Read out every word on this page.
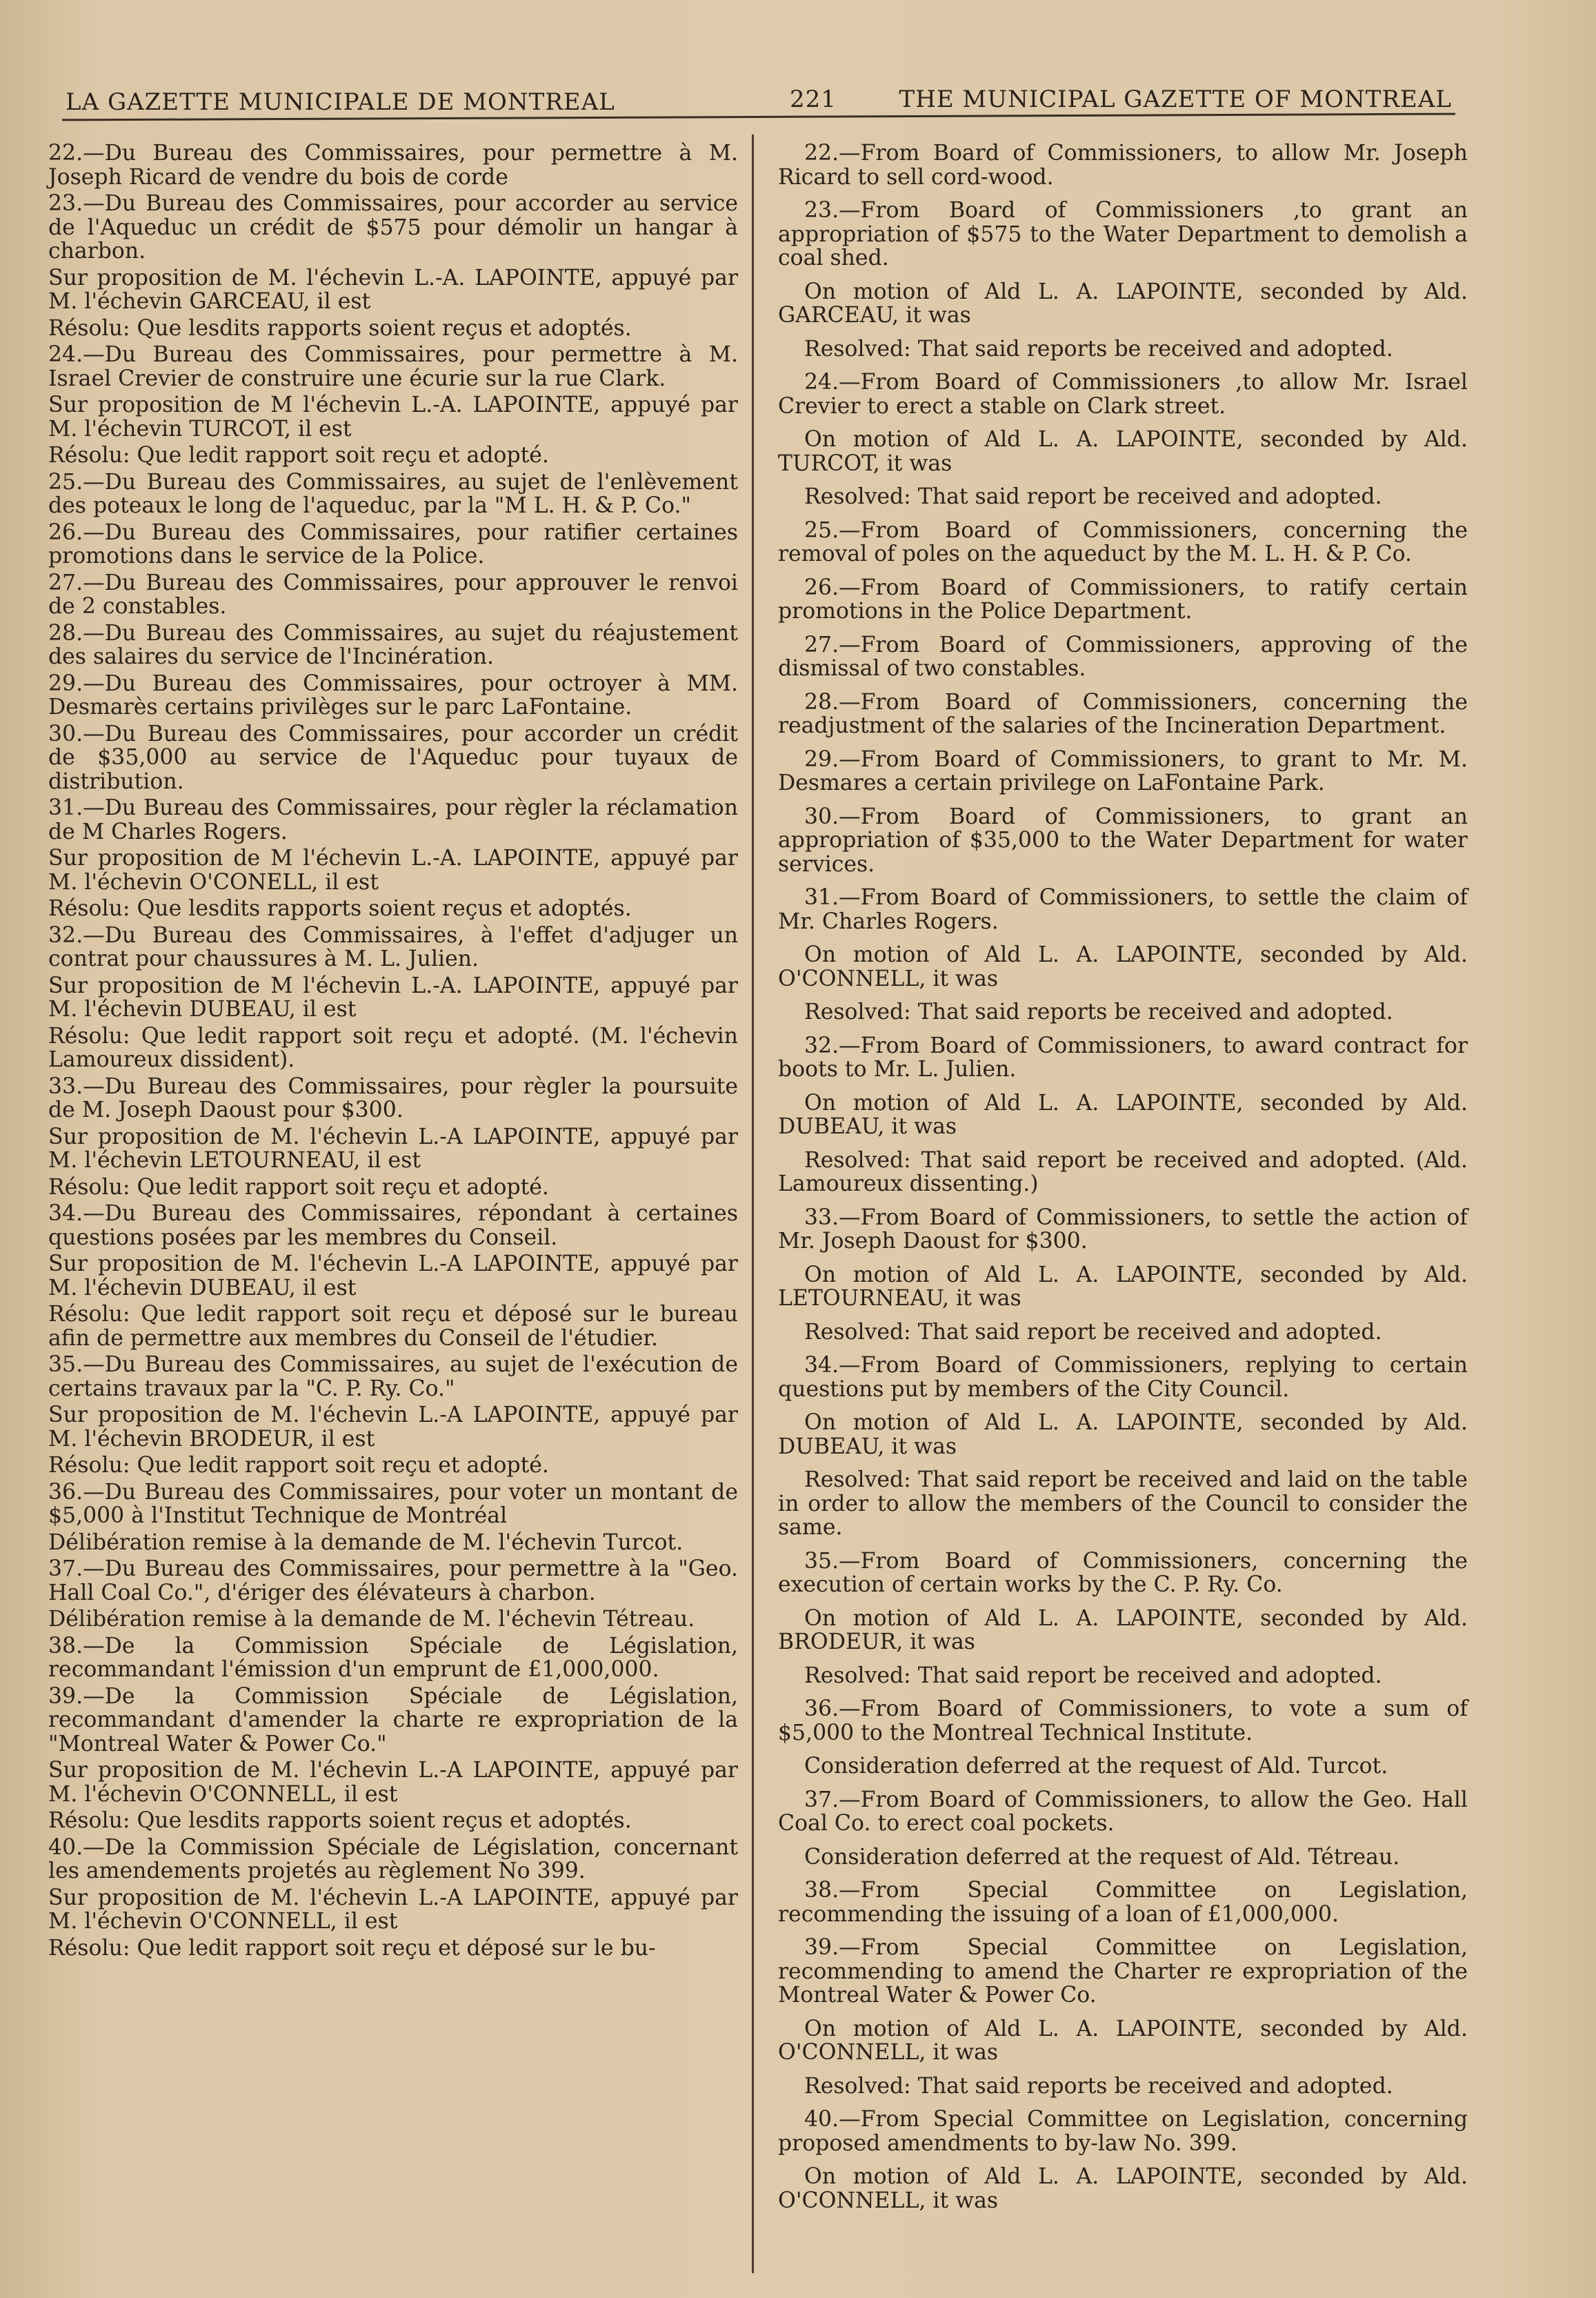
LA GAZETTE MUNICIPALE DE MONTREAL	221	THE MUNICIPAL GAZETTE OF MONTREAL

22.—Du Bureau des Commissaires, pour permettre à M. Joseph Ricard de vendre du bois de corde

23.—Du Bureau des Commissaires, pour accorder au service de l'Aqueduc un crédit de $575 pour démolir un hangar à charbon.

Sur proposition de M. l'échevin L.-A. LAPOINTE, appuyé par M. l'échevin GARCEAU, il est

Résolu: Que lesdits rapports soient reçus et adoptés.

24.—Du Bureau des Commissaires, pour permettre à M. Israel Crevier de construire une écurie sur la rue Clark.

Sur proposition de M l'échevin L.-A. LAPOINTE, appuyé par M. l'échevin TURCOT, il est

Résolu: Que ledit rapport soit reçu et adopté.

25.—Du Bureau des Commissaires, au sujet de l'enlèvement des poteaux le long de l'aqueduc, par la "M L. H. & P. Co."

26.—Du Bureau des Commissaires, pour ratifier certaines promotions dans le service de la Police.

27.—Du Bureau des Commissaires, pour approuver le renvoi de 2 constables.

28.—Du Bureau des Commissaires, au sujet du réajustement des salaires du service de l'Incinération.

29.—Du Bureau des Commissaires, pour octroyer à MM. Desmarès certains privilèges sur le parc LaFontaine.

30.—Du Bureau des Commissaires, pour accorder un crédit de $35,000 au service de l'Aqueduc pour tuyaux de distribution.

31.—Du Bureau des Commissaires, pour règler la réclamation de M Charles Rogers.

Sur proposition de M l'échevin L.-A. LAPOINTE, appuyé par M. l'échevin O'CONELL, il est

Résolu: Que lesdits rapports soient reçus et adoptés.

32.—Du Bureau des Commissaires, à l'effet d'adjuger un contrat pour chaussures à M. L. Julien.

Sur proposition de M l'échevin L.-A. LAPOINTE, appuyé par M. l'échevin DUBEAU, il est

Résolu: Que ledit rapport soit reçu et adopté. (M. l'échevin Lamoureux dissident).

33.—Du Bureau des Commissaires, pour règler la poursuite de M. Joseph Daoust pour $300.

Sur proposition de M. l'échevin L.-A LAPOINTE, appuyé par M. l'échevin LETOURNEAU, il est

Résolu: Que ledit rapport soit reçu et adopté.

34.—Du Bureau des Commissaires, répondant à certaines questions posées par les membres du Conseil.

Sur proposition de M. l'échevin L.-A LAPOINTE, appuyé par M. l'échevin DUBEAU, il est

Résolu: Que ledit rapport soit reçu et déposé sur le bureau afin de permettre aux membres du Conseil de l'étudier.

35.—Du Bureau des Commissaires, au sujet de l'exécution de certains travaux par la "C. P. Ry. Co."

Sur proposition de M. l'échevin L.-A LAPOINTE, appuyé par M. l'échevin BRODEUR, il est

Résolu: Que ledit rapport soit reçu et adopté.

36.—Du Bureau des Commissaires, pour voter un montant de $5,000 à l'Institut Technique de Montréal

Délibération remise à la demande de M. l'échevin Turcot.

37.—Du Bureau des Commissaires, pour permettre à la "Geo. Hall Coal Co.", d'ériger des élévateurs à charbon.

Délibération remise à la demande de M. l'échevin Tétreau.

38.—De la Commission Spéciale de Législation, recommandant l'émission d'un emprunt de £1,000,000.

39.—De la Commission Spéciale de Législation, recommandant d'amender la charte re expropriation de la "Montreal Water & Power Co."

Sur proposition de M. l'échevin L.-A LAPOINTE, appuyé par M. l'échevin O'CONNELL, il est

Résolu: Que lesdits rapports soient reçus et adoptés.

40.—De la Commission Spéciale de Législation, concernant les amendements projetés au règlement No 399.

Sur proposition de M. l'échevin L.-A LAPOINTE, appuyé par M. l'échevin O'CONNELL, il est

Résolu: Que ledit rapport soit reçu et déposé sur le bu-

22.—From Board of Commissioners, to allow Mr. Joseph Ricard to sell cord-wood.

23.—From Board of Commissioners ,to grant an appropriation of $575 to the Water Department to demolish a coal shed.

On motion of Ald L. A. LAPOINTE, seconded by Ald. GARCEAU, it was

Resolved: That said reports be received and adopted.

24.—From Board of Commissioners ,to allow Mr. Israel Crevier to erect a stable on Clark street.

On motion of Ald L. A. LAPOINTE, seconded by Ald. TURCOT, it was

Resolved: That said report be received and adopted.

25.—From Board of Commissioners, concerning the removal of poles on the aqueduct by the M. L. H. & P. Co.

26.—From Board of Commissioners, to ratify certain promotions in the Police Department.

27.—From Board of Commissioners, approving of the dismissal of two constables.

28.—From Board of Commissioners, concerning the readjustment of the salaries of the Incineration Department.

29.—From Board of Commissioners, to grant to Mr. M. Desmares a certain privilege on LaFontaine Park.

30.—From Board of Commissioners, to grant an appropriation of $35,000 to the Water Department for water services.

31.—From Board of Commissioners, to settle the claim of Mr. Charles Rogers.

On motion of Ald L. A. LAPOINTE, seconded by Ald. O'CONNELL, it was

Resolved: That said reports be received and adopted.

32.—From Board of Commissioners, to award contract for boots to Mr. L. Julien.

On motion of Ald L. A. LAPOINTE, seconded by Ald. DUBEAU, it was

Resolved: That said report be received and adopted. (Ald. Lamoureux dissenting.)

33.—From Board of Commissioners, to settle the action of Mr. Joseph Daoust for $300.

On motion of Ald L. A. LAPOINTE, seconded by Ald. LETOURNEAU, it was

Resolved: That said report be received and adopted.

34.—From Board of Commissioners, replying to certain questions put by members of the City Council.

On motion of Ald L. A. LAPOINTE, seconded by Ald. DUBEAU, it was

Resolved: That said report be received and laid on the table in order to allow the members of the Council to consider the same.

35.—From Board of Commissioners, concerning the execution of certain works by the C. P. Ry. Co.

On motion of Ald L. A. LAPOINTE, seconded by Ald. BRODEUR, it was

Resolved: That said report be received and adopted.

36.—From Board of Commissioners, to vote a sum of $5,000 to the Montreal Technical Institute.

Consideration deferred at the request of Ald. Turcot.

37.—From Board of Commissioners, to allow the Geo. Hall Coal Co. to erect coal pockets.

Consideration deferred at the request of Ald. Tétreau.

38.—From Special Committee on Legislation, recommending the issuing of a loan of £1,000,000.

39.—From Special Committee on Legislation, recommending to amend the Charter re expropriation of the Montreal Water & Power Co.

On motion of Ald L. A. LAPOINTE, seconded by Ald. O'CONNELL, it was

Resolved: That said reports be received and adopted.

40.—From Special Committee on Legislation, concerning proposed amendments to by-law No. 399.

On motion of Ald L. A. LAPOINTE, seconded by Ald. O'CONNELL, it was
